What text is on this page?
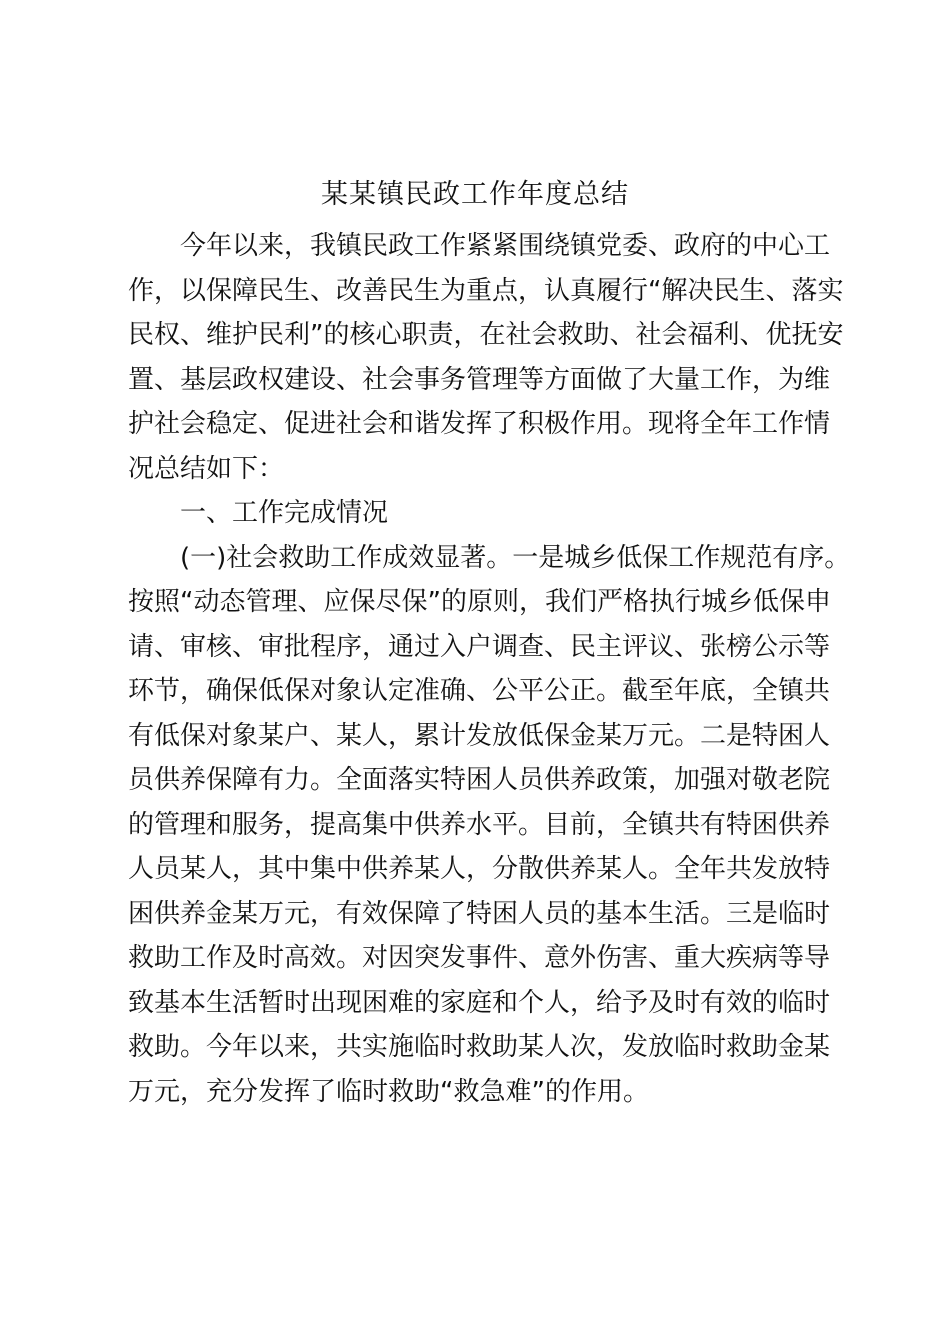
某某镇民政工作年度总结
今年以来，我镇民政工作紧紧围绕镇党委、政府的中心工
作，以保障民生、改善民生为重点，认真履行“解决民生、落实
民权、维护民利”的核心职责，在社会救助、社会福利、优抚安
置、基层政权建设、社会事务管理等方面做了大量工作，为维
护社会稳定、促进社会和谐发挥了积极作用。现将全年工作情
况总结如下：
一、工作完成情况
(一)社会救助工作成效显著。一是城乡低保工作规范有序。
按照“动态管理、应保尽保”的原则，我们严格执行城乡低保申
请、审核、审批程序，通过入户调查、民主评议、张榜公示等
环节，确保低保对象认定准确、公平公正。截至年底，全镇共
有低保对象某户、某人，累计发放低保金某万元。二是特困人
员供养保障有力。全面落实特困人员供养政策，加强对敬老院
的管理和服务，提高集中供养水平。目前，全镇共有特困供养
人员某人，其中集中供养某人，分散供养某人。全年共发放特
困供养金某万元，有效保障了特困人员的基本生活。三是临时
救助工作及时高效。对因突发事件、意外伤害、重大疾病等导
致基本生活暂时出现困难的家庭和个人，给予及时有效的临时
救助。今年以来，共实施临时救助某人次，发放临时救助金某
万元，充分发挥了临时救助“救急难”的作用。
